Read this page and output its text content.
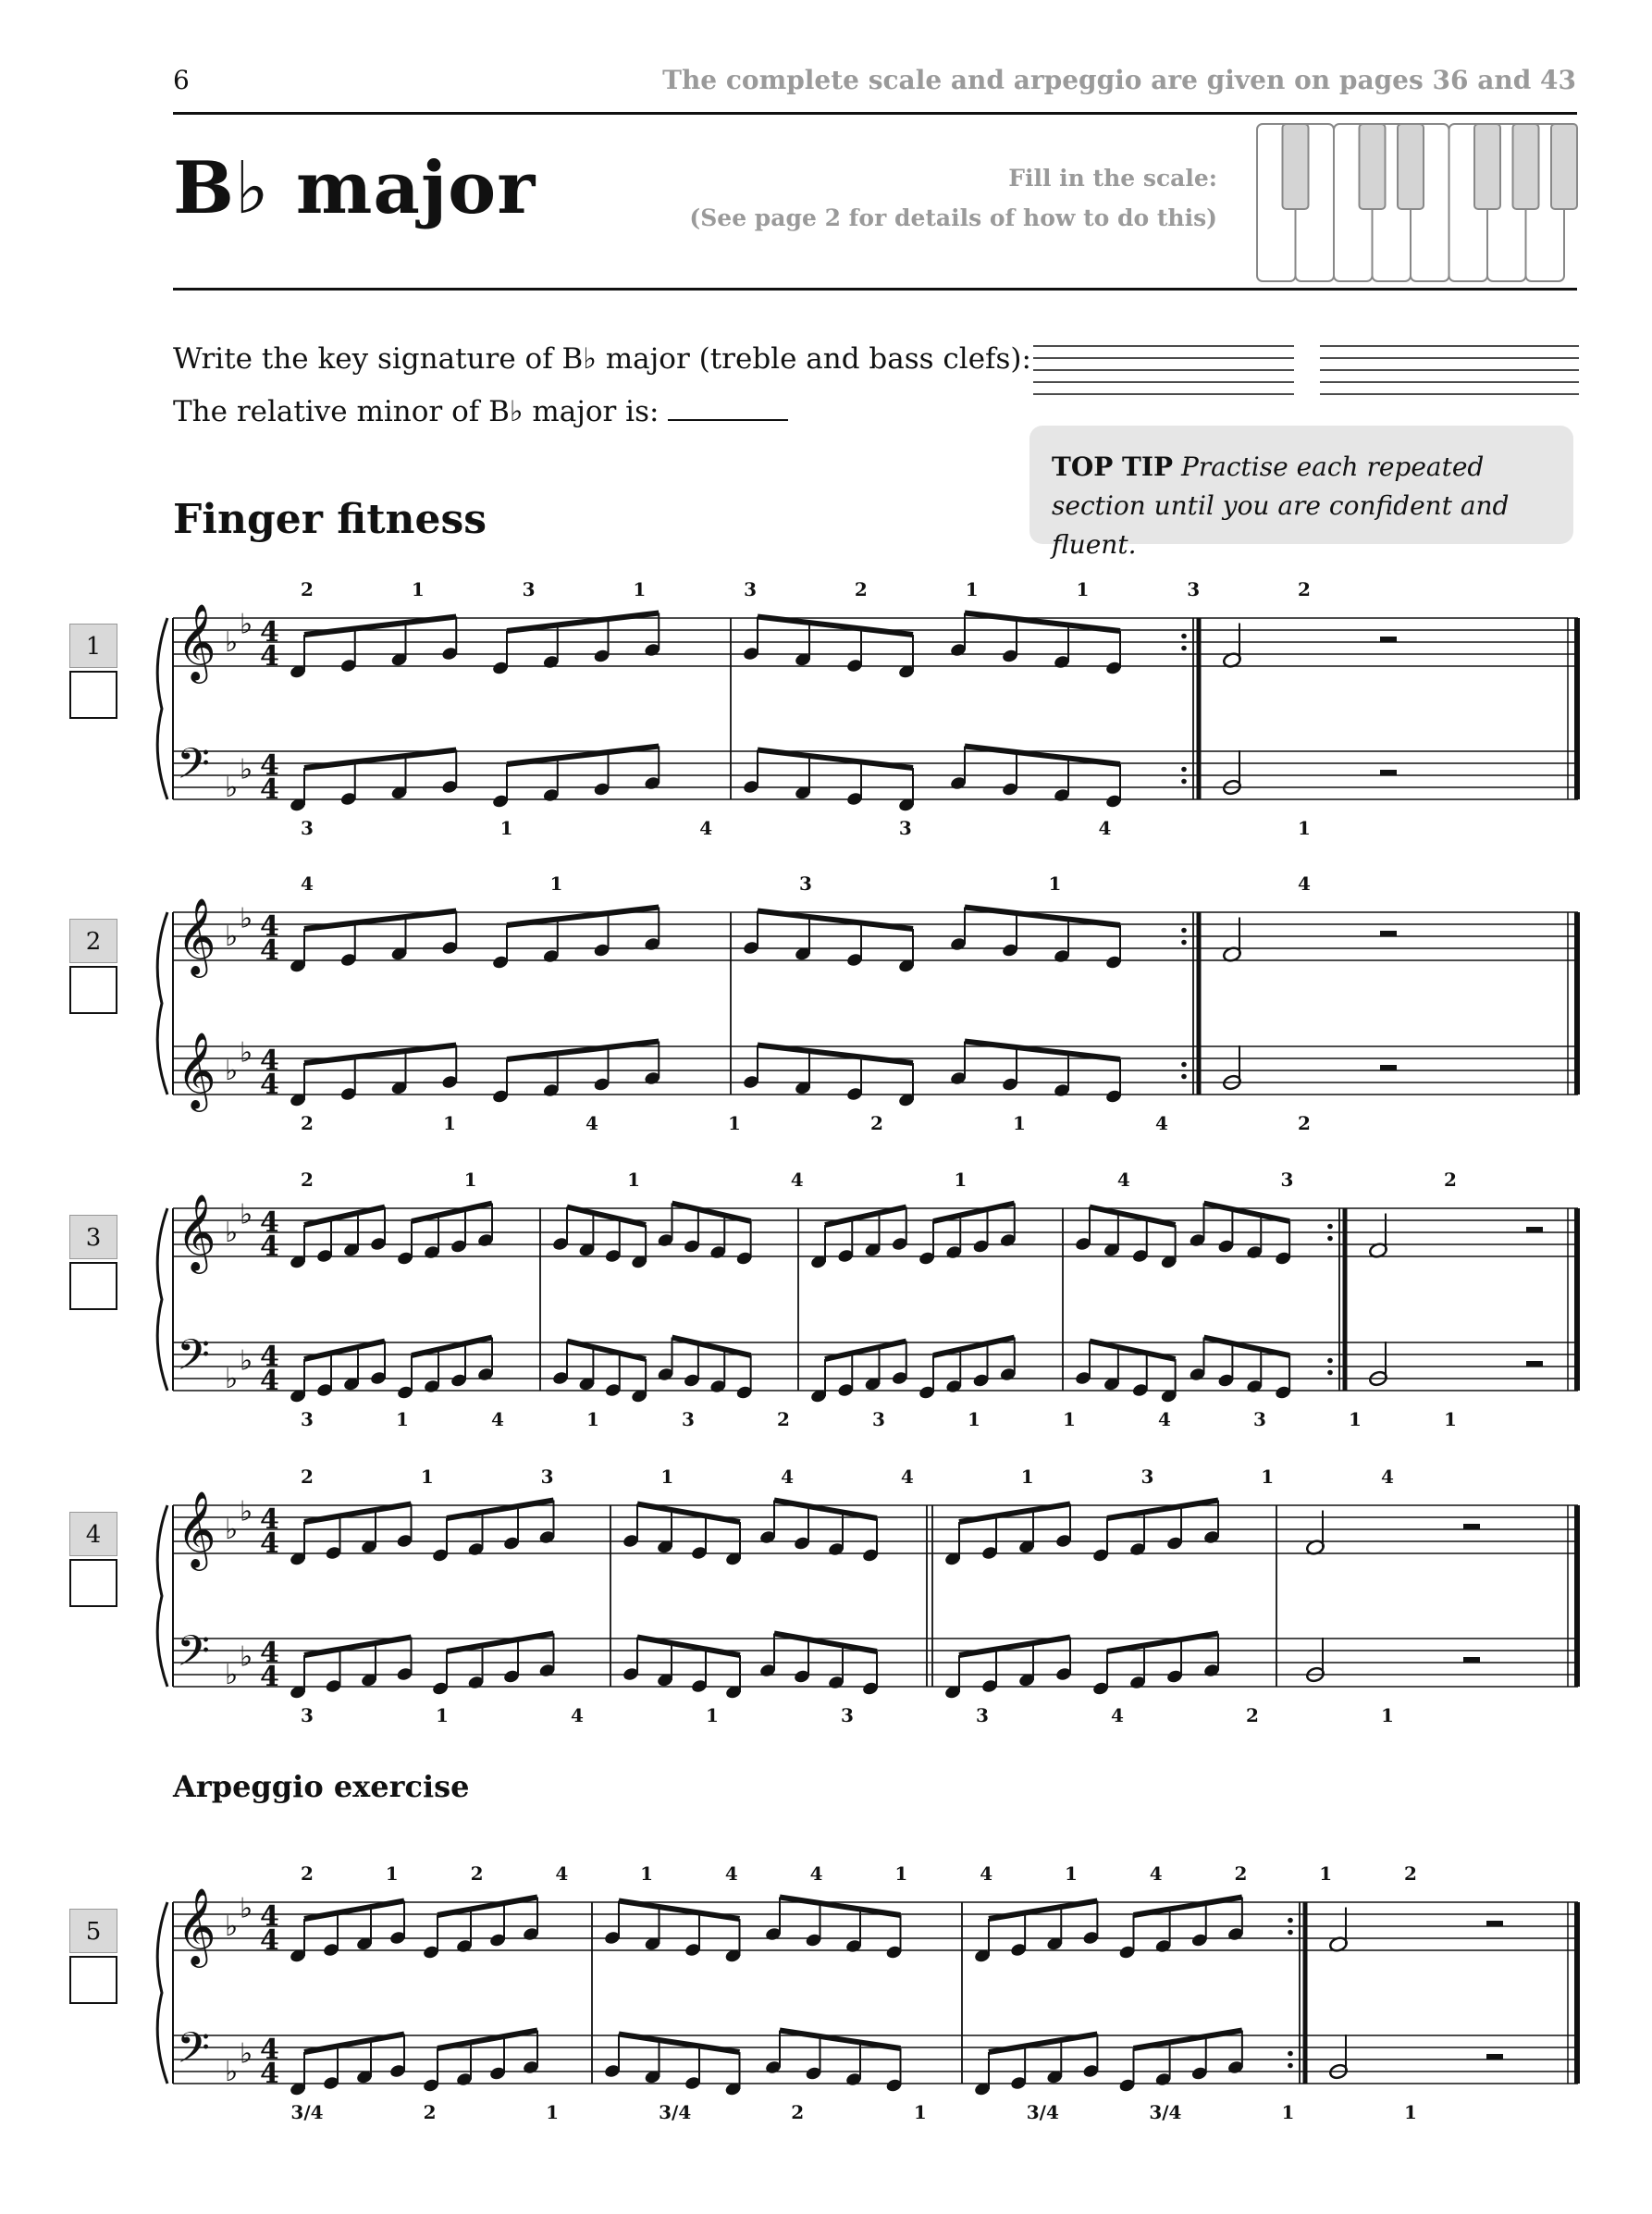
6	The complete scale and arpeggio are given on pages 36 and 43
B♭ major	Fill in the scale:
(See page 2 for details of how to do this)
Write the key signature of B♭ major (treble and bass clefs):
The relative minor of B♭ major is:
TOP TIP Practise each repeated section until you are confident and fluent.
Finger fitness
Arpeggio exercise
1
2
3
4
5
𝄞
𝄢
♭
♭
♭
♭
4
4
4
4
2	1	3	1	3	2	1	1	3	2
3	1	4	3	4	1
𝄞
𝄞
♭
♭
♭
♭
4
4
4
4
4	1	3	1	4
2	1	4	1	2	1	4	2
𝄞
𝄢
♭
♭
♭
♭
4
4
4
4
2	1	1	4	1	4	3	2
3	1	4	1	3	2	3	1	1	4	3	1	1
𝄞
𝄢
♭
♭
♭
♭
4
4
4
4
2	1	3	1	4	4	1	3	1	4
3	1	4	1	3	3	4	2	1
𝄞
𝄢
♭
♭
♭
♭
4
4
4
4
2	1	2	4	1	4	4	1	4	1	4	2	1	2
3/4	2	1	3/4	2	1	3/4	3/4	1	1
